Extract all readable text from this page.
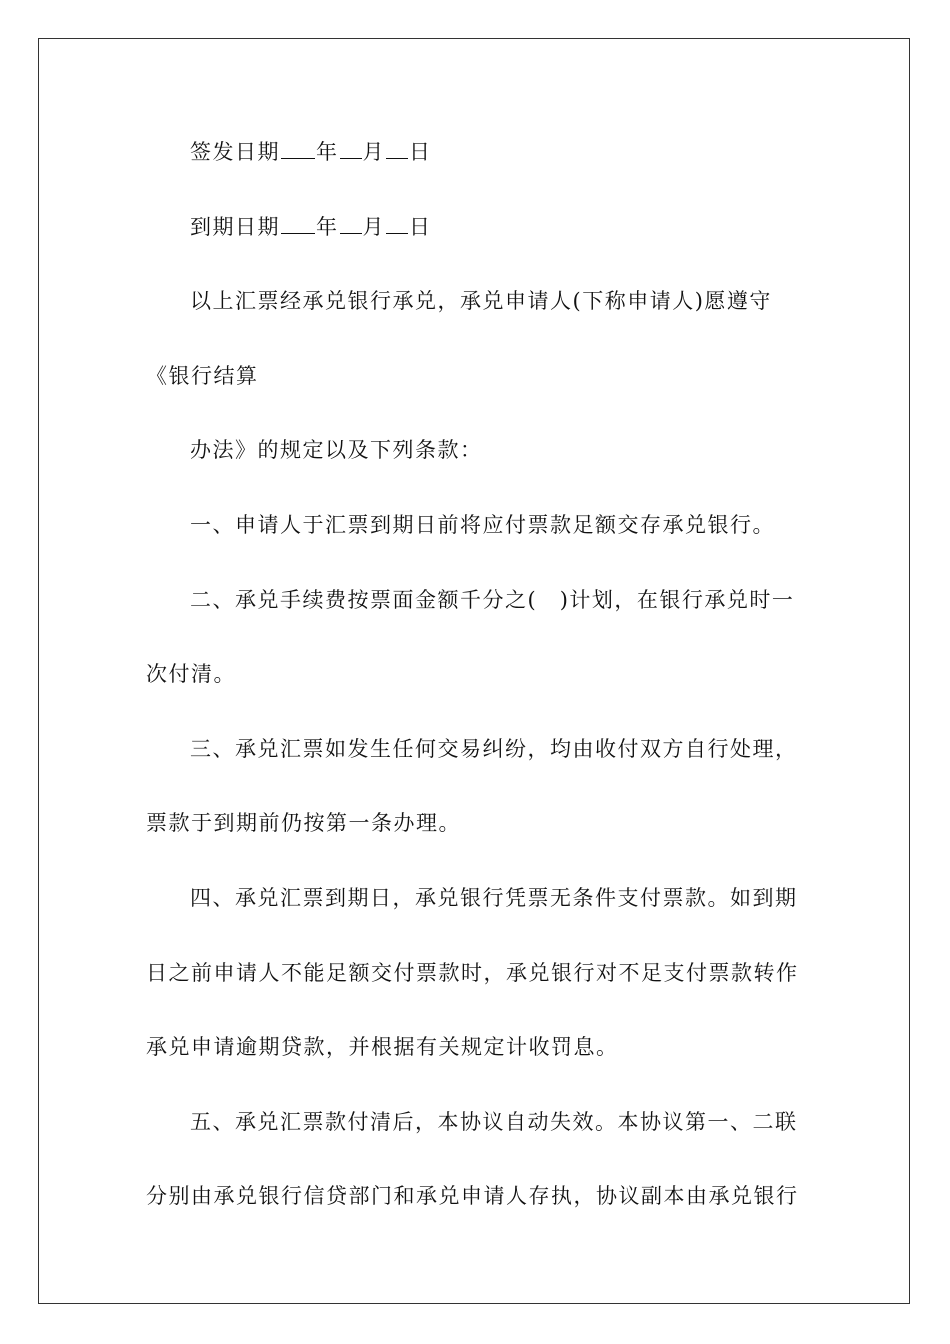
签发日期 年 月 日
到期日期 年 月 日
以上汇票经承兑银行承兑，承兑申请人(下称申请人)愿遵守
《银行结算
办法》的规定以及下列条款：
一、申请人于汇票到期日前将应付票款足额交存承兑银行。
二、承兑手续费按票面金额千分之(　)计划，在银行承兑时一
次付清。
三、承兑汇票如发生任何交易纠纷，均由收付双方自行处理，
票款于到期前仍按第一条办理。
四、承兑汇票到期日，承兑银行凭票无条件支付票款。如到期
日之前申请人不能足额交付票款时，承兑银行对不足支付票款转作
承兑申请逾期贷款，并根据有关规定计收罚息。
五、承兑汇票款付清后，本协议自动失效。本协议第一、二联
分别由承兑银行信贷部门和承兑申请人存执，协议副本由承兑银行
